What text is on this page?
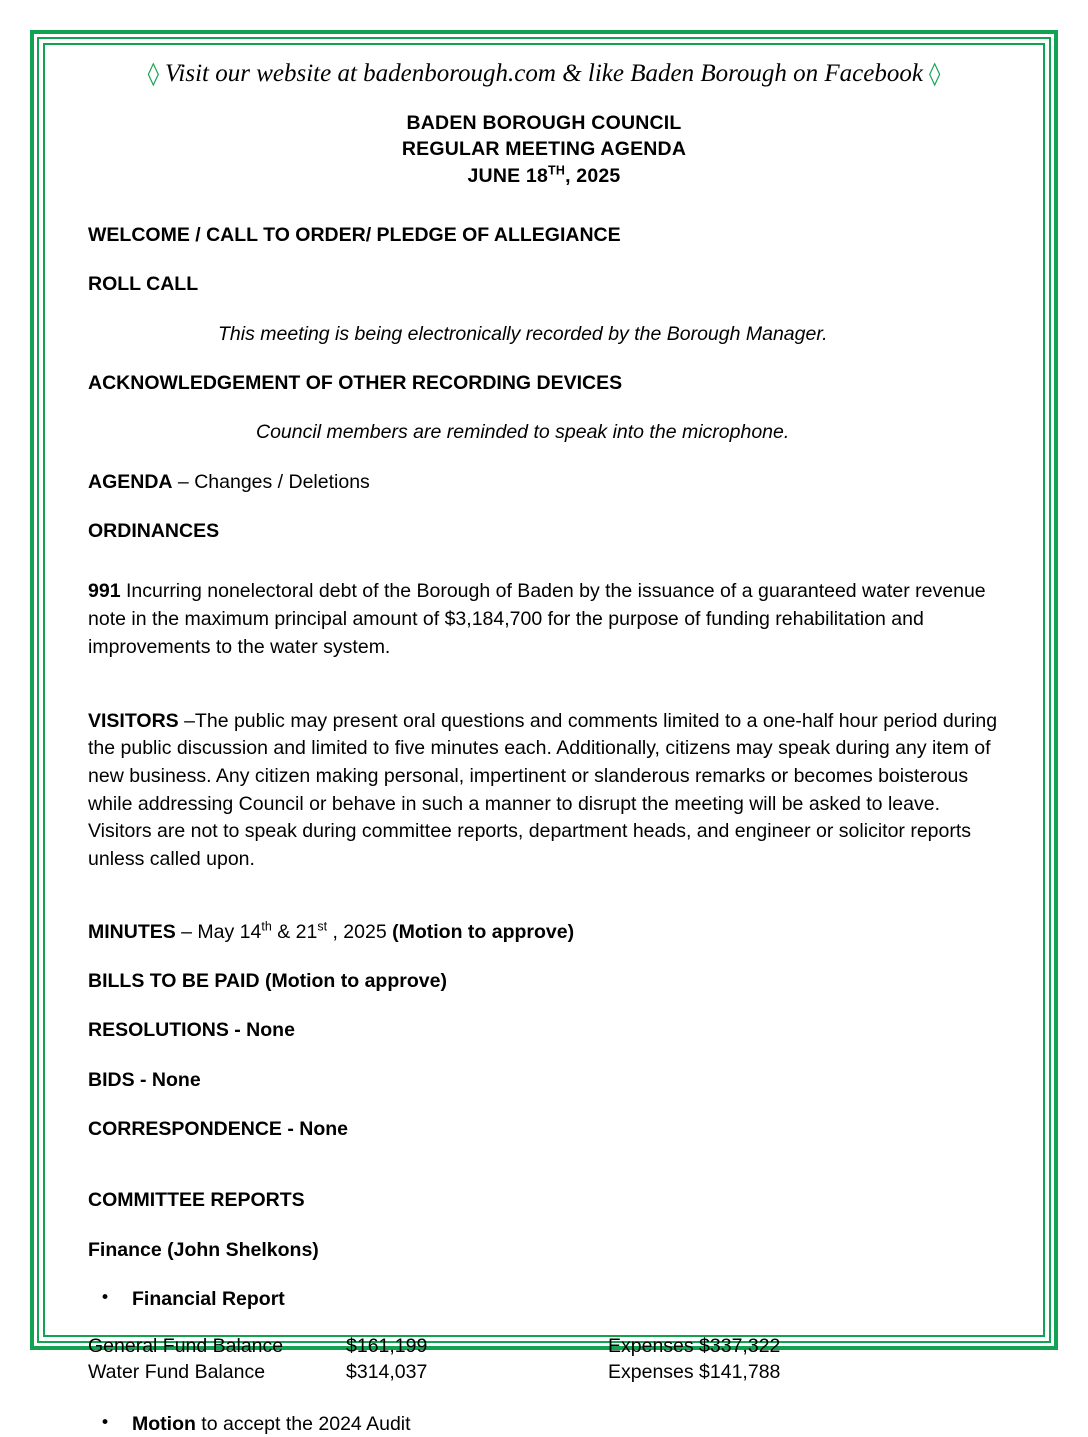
◊ Visit our website at badenborough.com & like Baden Borough on Facebook ◊
BADEN BOROUGH COUNCIL
REGULAR MEETING AGENDA
JUNE 18TH, 2025
WELCOME / CALL TO ORDER/ PLEDGE OF ALLEGIANCE
ROLL CALL
This meeting is being electronically recorded by the Borough Manager.
ACKNOWLEDGEMENT OF OTHER RECORDING DEVICES
Council members are reminded to speak into the microphone.
AGENDA – Changes / Deletions
ORDINANCES
991 Incurring nonelectoral debt of the Borough of Baden by the issuance of a guaranteed water revenue note in the maximum principal amount of $3,184,700 for the purpose of funding rehabilitation and improvements to the water system.
VISITORS –The public may present oral questions and comments limited to a one-half hour period during the public discussion and limited to five minutes each. Additionally, citizens may speak during any item of new business. Any citizen making personal, impertinent or slanderous remarks or becomes boisterous while addressing Council or behave in such a manner to disrupt the meeting will be asked to leave. Visitors are not to speak during committee reports, department heads, and engineer or solicitor reports unless called upon.
MINUTES – May 14th & 21st , 2025 (Motion to approve)
BILLS TO BE PAID (Motion to approve)
RESOLUTIONS - None
BIDS - None
CORRESPONDENCE - None
COMMITTEE REPORTS
Finance (John Shelkons)
•	Financial Report
General Fund Balance	$161,199	Expenses $337,322
Water Fund Balance	$314,037	Expenses $141,788
•	Motion to accept the 2024 Audit
